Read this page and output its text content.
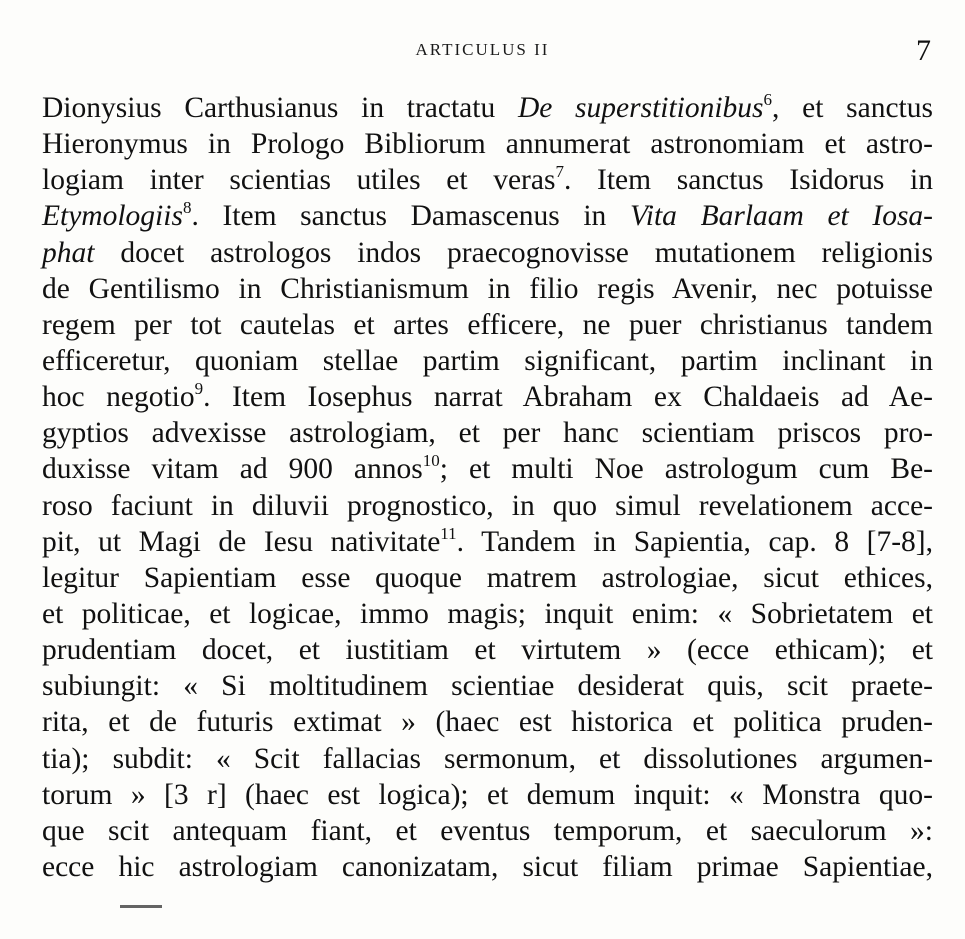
ARTICULUS II	7
Dionysius Carthusianus in tractatu De superstitionibus$^6$, et sanctus
Hieronymus in Prologo Bibliorum annumerat astronomiam et astro-
logiam inter scientias utiles et veras$^7$. Item sanctus Isidorus in
Etymologiis$^8$. Item sanctus Damascenus in Vita Barlaam et Iosa-
phat docet astrologos indos praecognovisse mutationem religionis
de Gentilismo in Christianismum in filio regis Avenir, nec potuisse
regem per tot cautelas et artes efficere, ne puer christianus tandem
efficeretur, quoniam stellae partim significant, partim inclinant in
hoc negotio$^9$. Item Iosephus narrat Abraham ex Chaldaeis ad Ae-
gyptios advexisse astrologiam, et per hanc scientiam priscos pro-
duxisse vitam ad 900 annos$^{10}$; et multi Noe astrologum cum Be-
roso faciunt in diluvii prognostico, in quo simul revelationem acce-
pit, ut Magi de Iesu nativitate$^{11}$. Tandem in Sapientia, cap. 8 [7-8],
legitur Sapientiam esse quoque matrem astrologiae, sicut ethices,
et politicae, et logicae, immo magis; inquit enim: « Sobrietatem et
prudentiam docet, et iustitiam et virtutem » (ecce ethicam); et
subiungit: « Si moltitudinem scientiae desiderat quis, scit praete-
rita, et de futuris extimat » (haec est historica et politica pruden-
tia); subdit: « Scit fallacias sermonum, et dissolutiones argumen-
torum » [3 r] (haec est logica); et demum inquit: « Monstra quo-
que scit antequam fiant, et eventus temporum, et saeculorum »:
ecce hic astrologiam canonizatam, sicut filiam primae Sapientiae,
